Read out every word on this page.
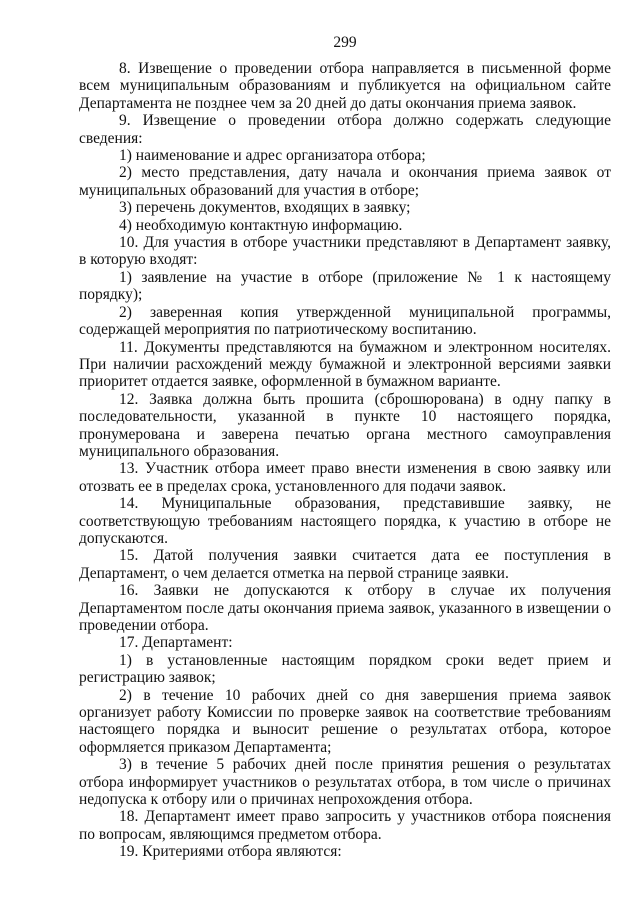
299

8. Извещение о проведении отбора направляется в письменной форме всем муниципальным образованиям и публикуется на официальном сайте Департамента не позднее чем за 20 дней до даты окончания приема заявок.

9. Извещение о проведении отбора должно содержать следующие сведения:

1) наименование и адрес организатора отбора;

2) место представления, дату начала и окончания приема заявок от муниципальных образований для участия в отборе;

3) перечень документов, входящих в заявку;

4) необходимую контактную информацию.

10. Для участия в отборе участники представляют в Департамент заявку, в которую входят:

1) заявление на участие в отборе (приложение № 1 к настоящему порядку);

2) заверенная копия утвержденной муниципальной программы, содержащей мероприятия по патриотическому воспитанию.

11. Документы представляются на бумажном и электронном носителях. При наличии расхождений между бумажной и электронной версиями заявки приоритет отдается заявке, оформленной в бумажном варианте.

12. Заявка должна быть прошита (сброшюрована) в одну папку в последовательности, указанной в пункте 10 настоящего порядка, пронумерована и заверена печатью органа местного самоуправления муниципального образования.

13. Участник отбора имеет право внести изменения в свою заявку или отозвать ее в пределах срока, установленного для подачи заявок.

14. Муниципальные образования, представившие заявку, не соответствующую требованиям настоящего порядка, к участию в отборе не допускаются.

15. Датой получения заявки считается дата ее поступления в Департамент, о чем делается отметка на первой странице заявки.

16. Заявки не допускаются к отбору в случае их получения Департаментом после даты окончания приема заявок, указанного в извещении о проведении отбора.

17. Департамент:

1) в установленные настоящим порядком сроки ведет прием и регистрацию заявок;

2) в течение 10 рабочих дней со дня завершения приема заявок организует работу Комиссии по проверке заявок на соответствие требованиям настоящего порядка и выносит решение о результатах отбора, которое оформляется приказом Департамента;

3) в течение 5 рабочих дней после принятия решения о результатах отбора информирует участников о результатах отбора, в том числе о причинах недопуска к отбору или о причинах непрохождения отбора.

18. Департамент имеет право запросить у участников отбора пояснения по вопросам, являющимся предметом отбора.

19. Критериями отбора являются:
